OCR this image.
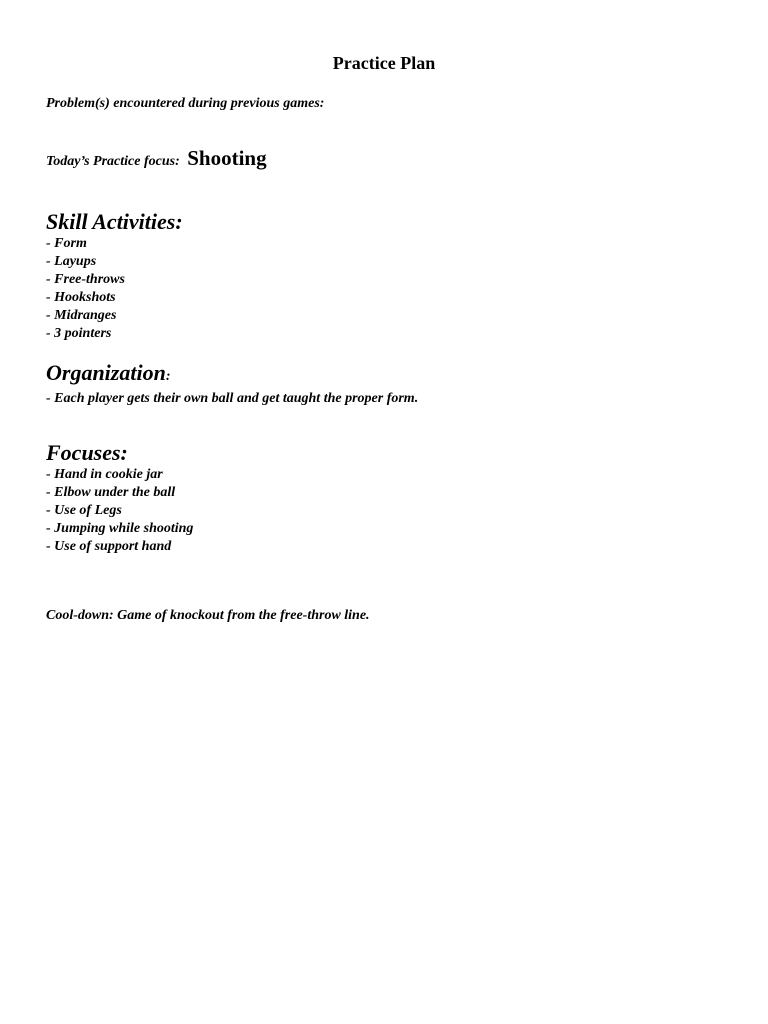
Practice Plan
Problem(s) encountered during previous games:
Today’s Practice focus: Shooting
Skill Activities:
- Form
- Layups
- Free-throws
- Hookshots
- Midranges
- 3 pointers
Organization:
- Each player gets their own ball and get taught the proper form.
Focuses:
- Hand in cookie jar
- Elbow under the ball
- Use of Legs
- Jumping while shooting
- Use of support hand
Cool-down: Game of knockout from the free-throw line.
